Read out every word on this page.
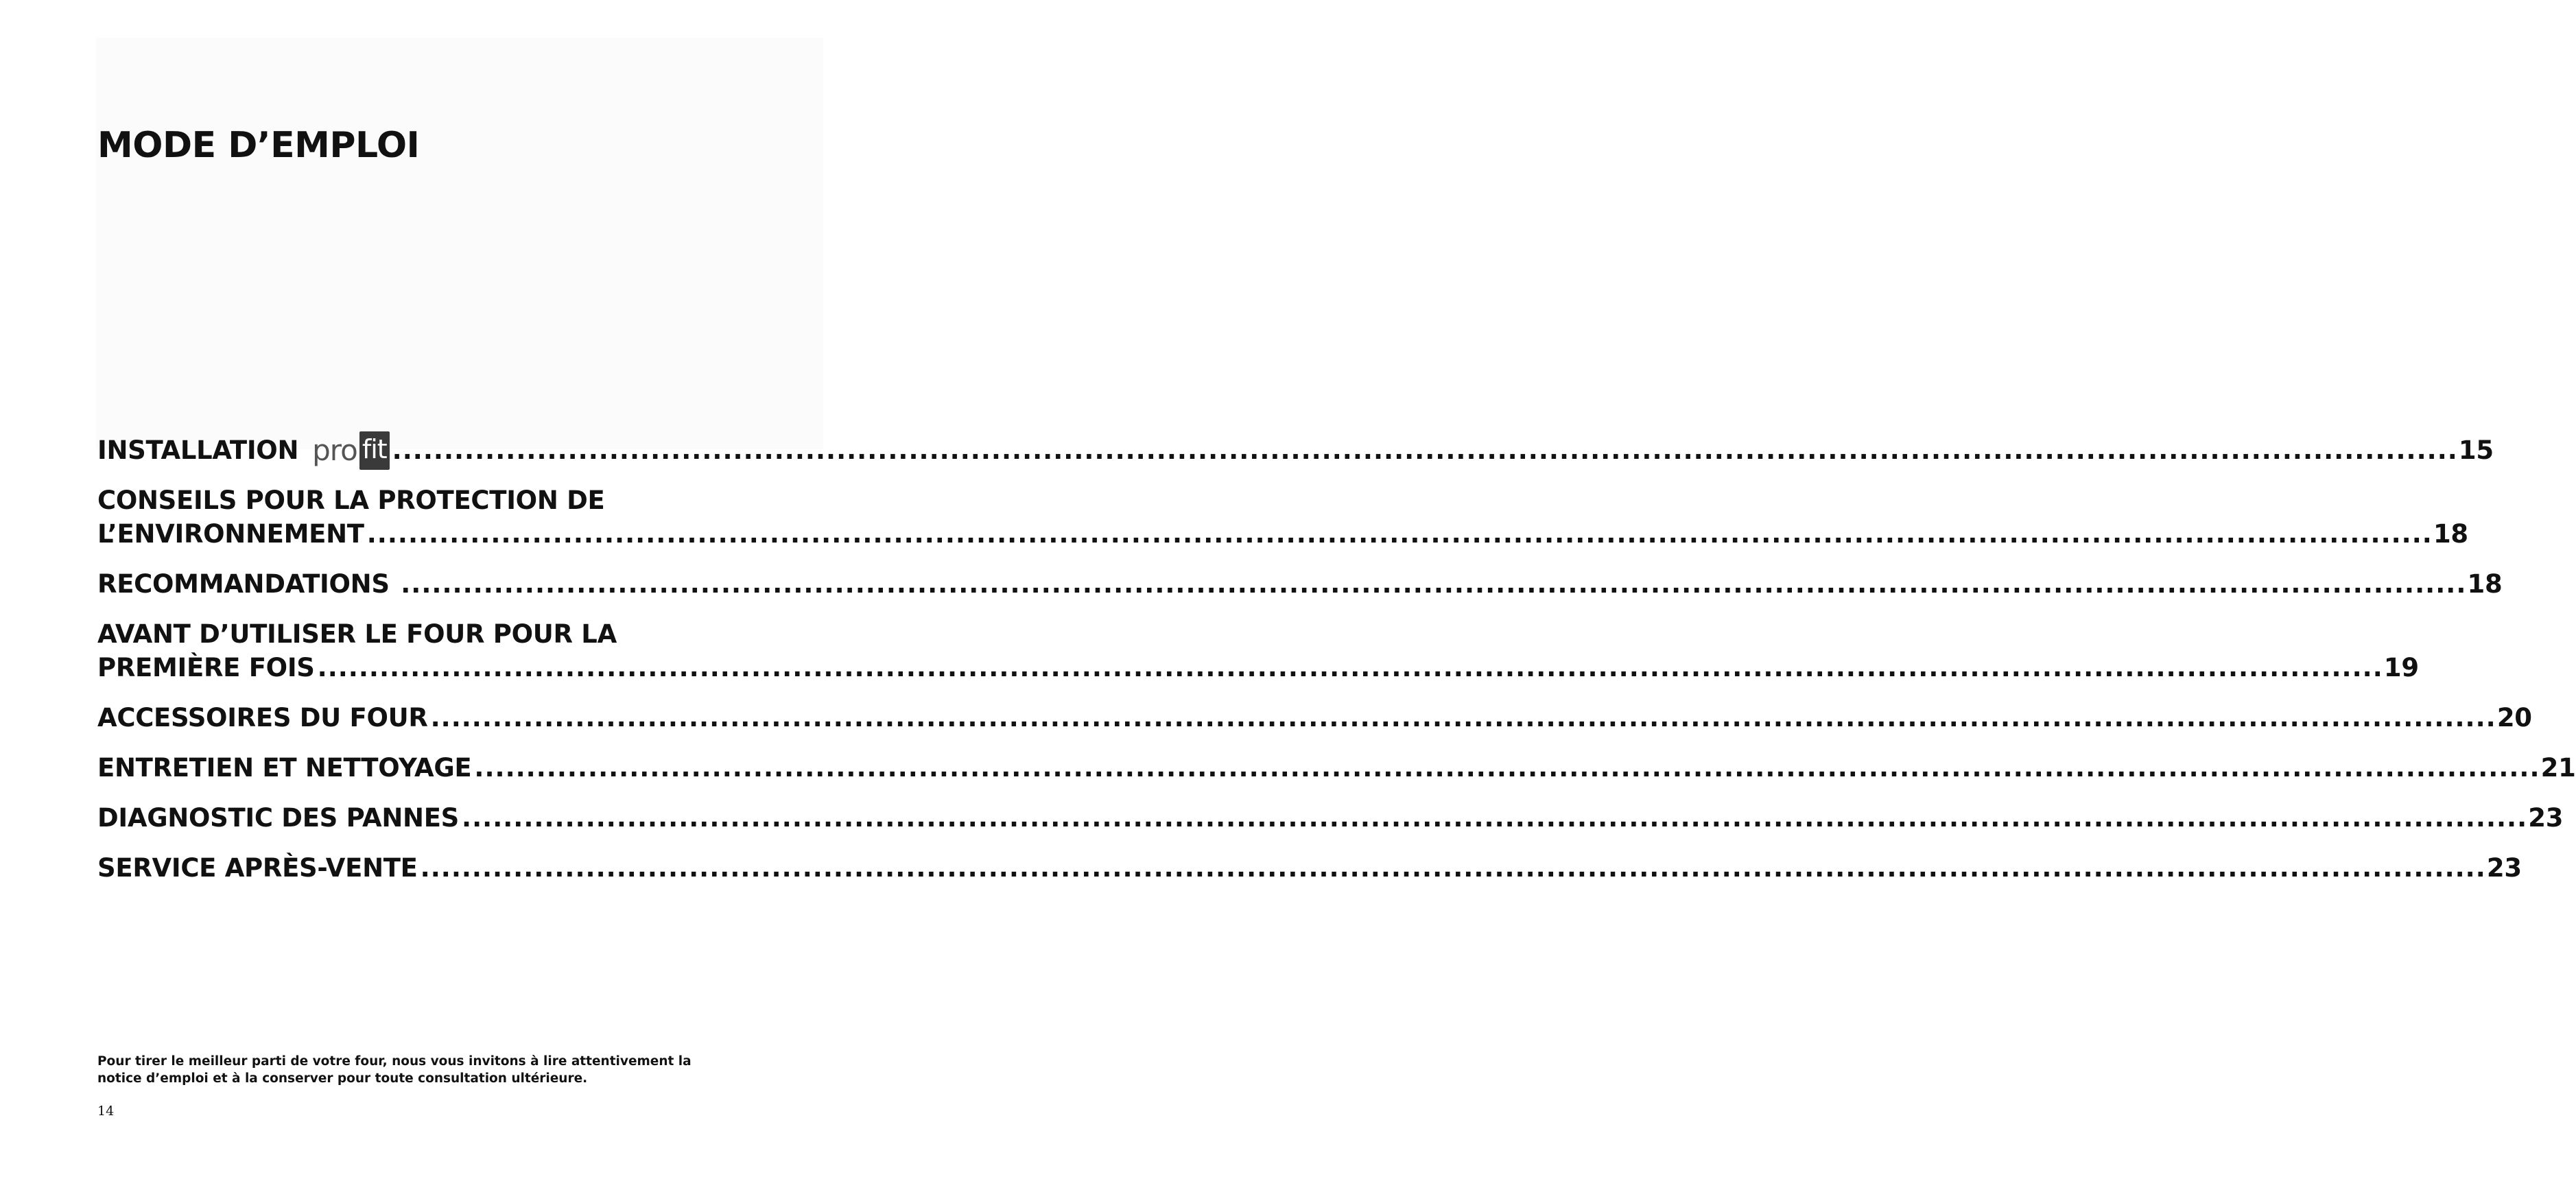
MODE D’EMPLOI
INSTALLATION pro fit ........................................................................................................................................................................................................ 15
CONSEILS POUR LA PROTECTION DE
L’ENVIRONNEMENT ........................................................................................................................................................................................................ 18
RECOMMANDATIONS ........................................................................................................................................................................................................ 18
AVANT D’UTILISER LE FOUR POUR LA
PREMIÈRE FOIS ........................................................................................................................................................................................................ 19
ACCESSOIRES DU FOUR ........................................................................................................................................................................................................ 20
ENTRETIEN ET NETTOYAGE ........................................................................................................................................................................................................ 21
DIAGNOSTIC DES PANNES ........................................................................................................................................................................................................ 23
SERVICE APRÈS-VENTE ........................................................................................................................................................................................................ 23

Pour tirer le meilleur parti de votre four, nous vous invitons à lire attentivement la notice d’emploi et à la conserver pour toute consultation ultérieure.

14
